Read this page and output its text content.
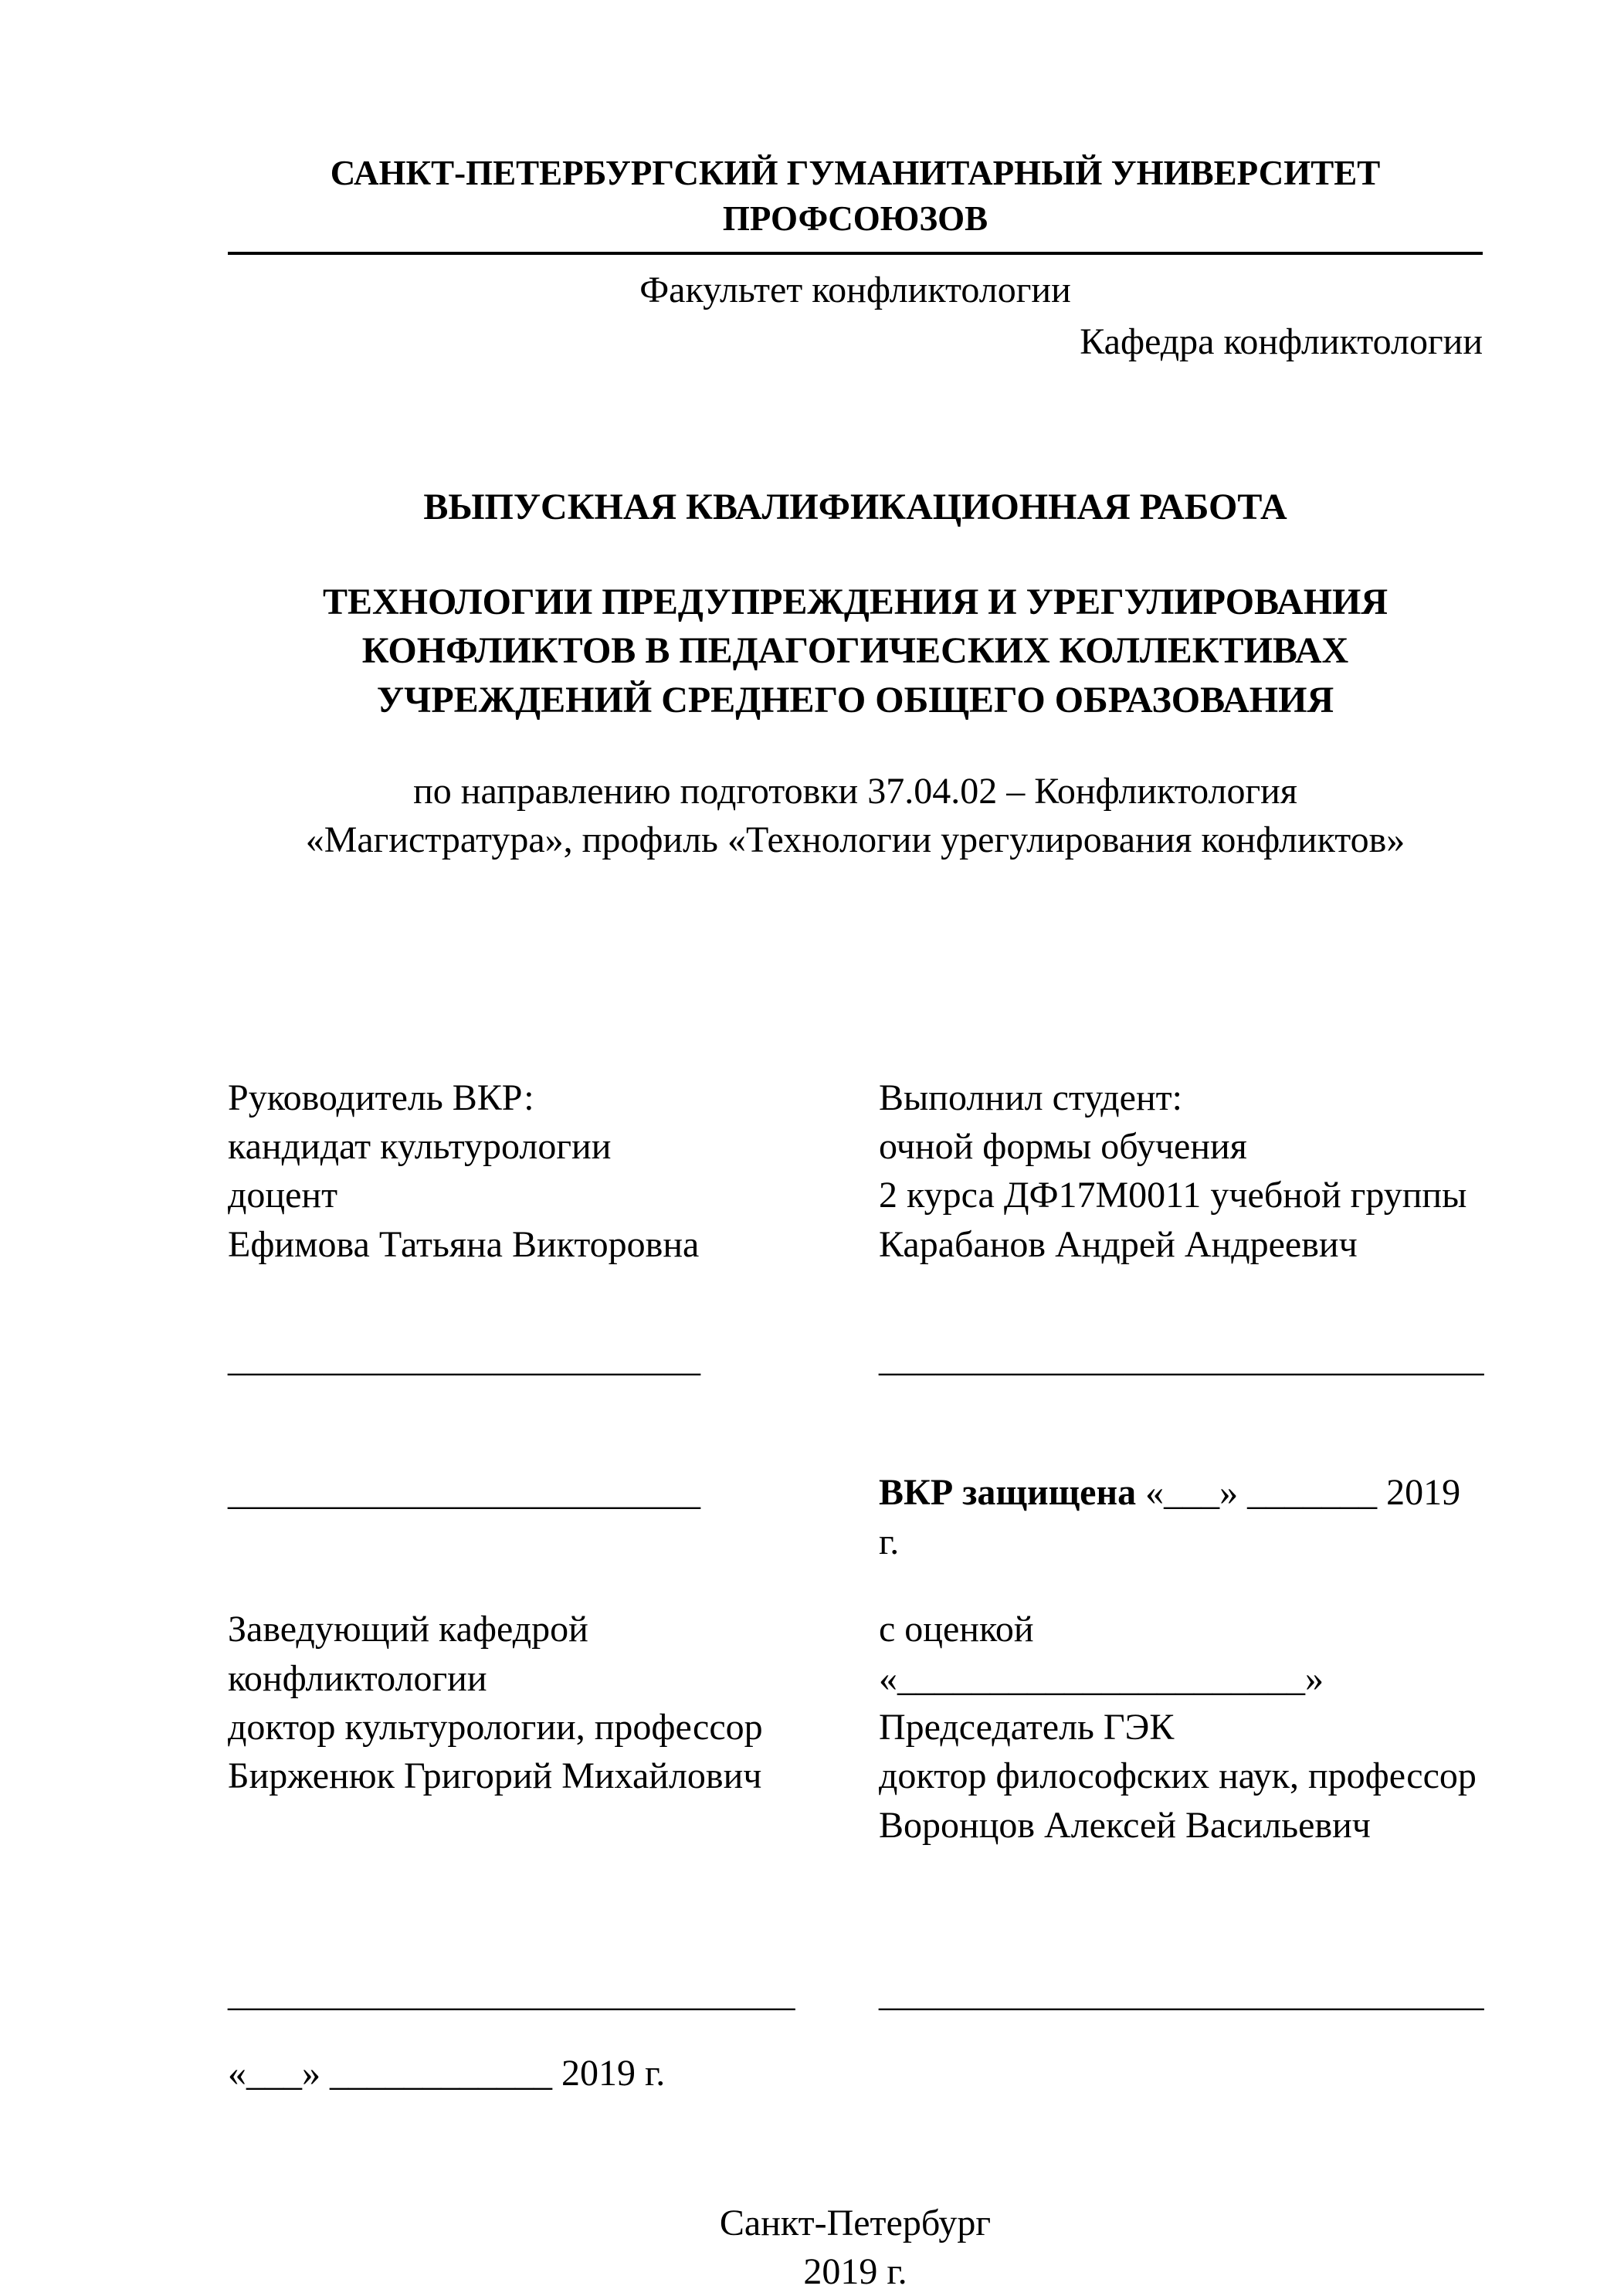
САНКТ-ПЕТЕРБУРГСКИЙ ГУМАНИТАРНЫЙ УНИВЕРСИТЕТ ПРОФСОЮЗОВ
Факультет конфликтологии
Кафедра конфликтологии
ВЫПУСКНАЯ КВАЛИФИКАЦИОННАЯ РАБОТА
ТЕХНОЛОГИИ ПРЕДУПРЕЖДЕНИЯ И УРЕГУЛИРОВАНИЯ
КОНФЛИКТОВ В ПЕДАГОГИЧЕСКИХ КОЛЛЕКТИВАХ
УЧРЕЖДЕНИЙ СРЕДНЕГО ОБЩЕГО ОБРАЗОВАНИЯ
по направлению подготовки 37.04.02 – Конфликтология
«Магистратура», профиль «Технологии урегулирования конфликтов»
Руководитель ВКР:
кандидат культурологии
доцент
Ефимова Татьяна Викторовна
Выполнил студент:
очной формы обучения
2 курса ДФ17М0011 учебной группы
Карабанов Андрей Андреевич
_________________________	________________________________
_________________________	ВКР защищена «___» _______ 2019 г.
Заведующий кафедрой
конфликтологии
доктор культурологии, профессор
Бирженюк Григорий Михайлович
с оценкой «______________________»
Председатель ГЭК
доктор философских наук, профессор
Воронцов Алексей Васильевич
______________________________	________________________________
«___» ____________ 2019 г.
Санкт-Петербург
2019 г.
